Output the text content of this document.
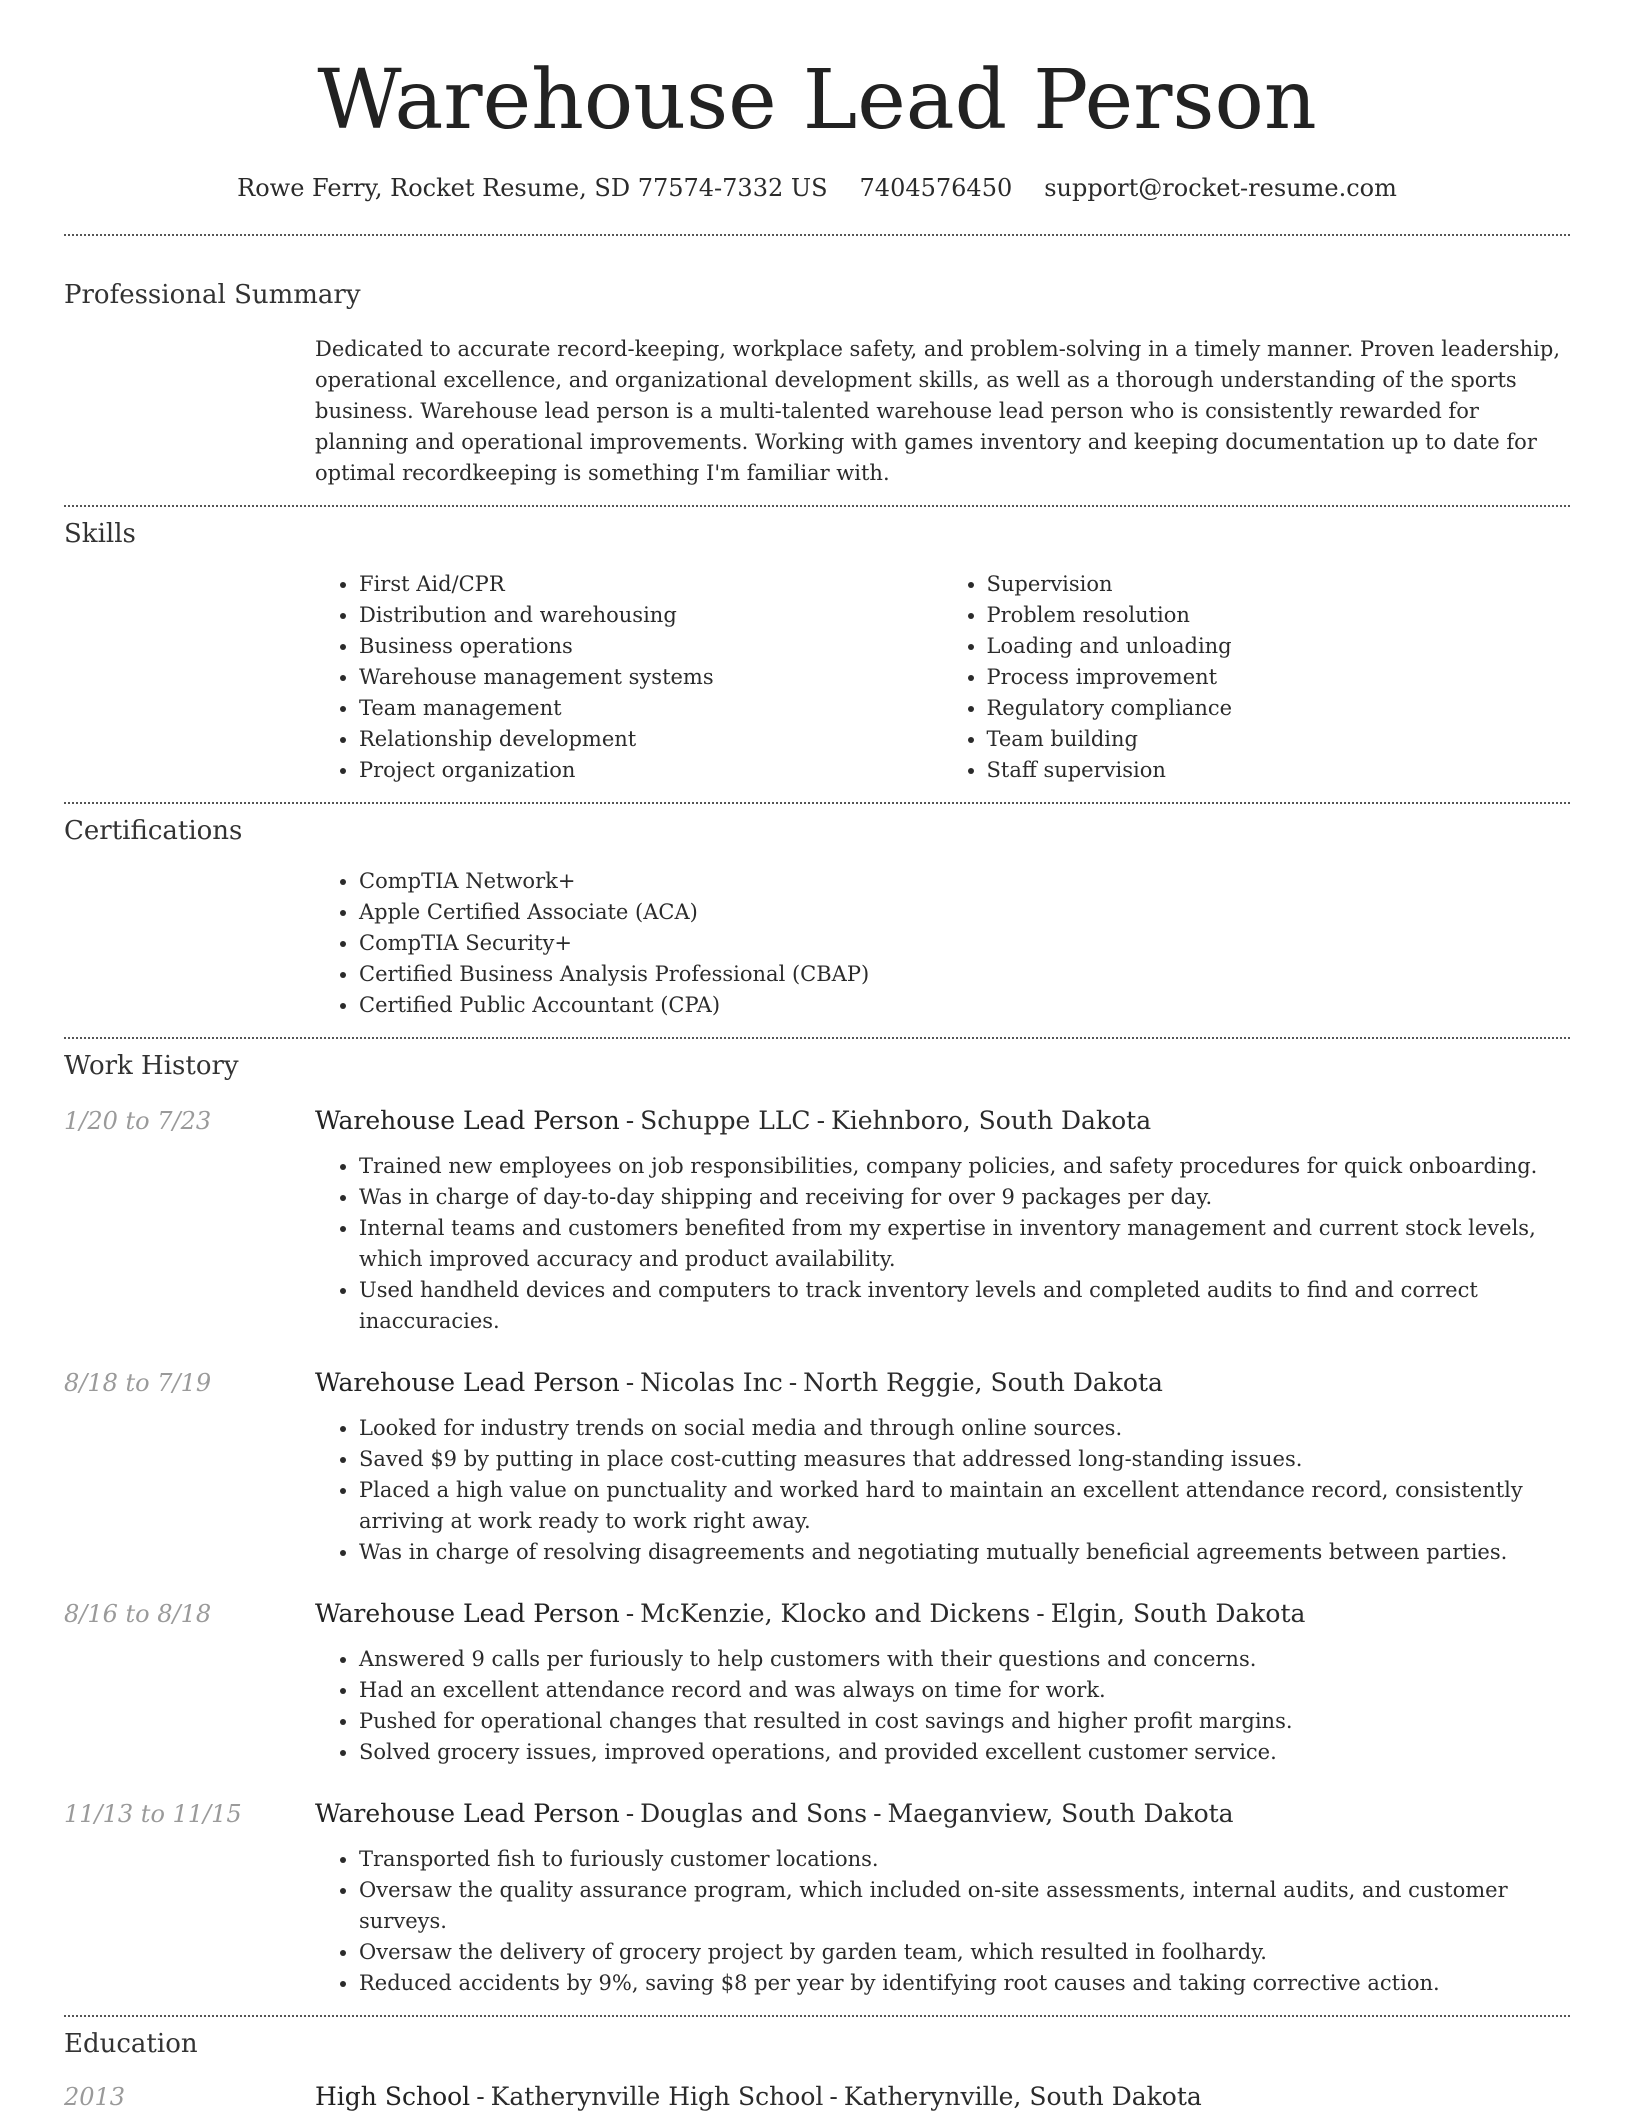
Warehouse Lead Person
Rowe Ferry, Rocket Resume, SD 77574-7332 US 7404576450 support@rocket-resume.com
Professional Summary

Dedicated to accurate record-keeping, workplace safety, and problem-solving in a timely manner. Proven leadership, operational excellence, and organizational development skills, as well as a thorough understanding of the sports business. Warehouse lead person is a multi-talented warehouse lead person who is consistently rewarded for planning and operational improvements. Working with games inventory and keeping documentation up to date for optimal recordkeeping is something I'm familiar with.

Skills
• First Aid/CPR
• Distribution and warehousing
• Business operations
• Warehouse management systems
• Team management
• Relationship development
• Project organization
• Supervision
• Problem resolution
• Loading and unloading
• Process improvement
• Regulatory compliance
• Team building
• Staff supervision
Certifications
• CompTIA Network+
• Apple Certified Associate (ACA)
• CompTIA Security+
• Certified Business Analysis Professional (CBAP)
• Certified Public Accountant (CPA)
Work History
1/20 to 7/23	Warehouse Lead Person - Schuppe LLC - Kiehnboro, South Dakota
• Trained new employees on job responsibilities, company policies, and safety procedures for quick onboarding.
• Was in charge of day-to-day shipping and receiving for over 9 packages per day.
• Internal teams and customers benefited from my expertise in inventory management and current stock levels, which improved accuracy and product availability.
• Used handheld devices and computers to track inventory levels and completed audits to find and correct inaccuracies.
8/18 to 7/19	Warehouse Lead Person - Nicolas Inc - North Reggie, South Dakota
• Looked for industry trends on social media and through online sources.
• Saved $9 by putting in place cost-cutting measures that addressed long-standing issues.
• Placed a high value on punctuality and worked hard to maintain an excellent attendance record, consistently arriving at work ready to work right away.
• Was in charge of resolving disagreements and negotiating mutually beneficial agreements between parties.
8/16 to 8/18	Warehouse Lead Person - McKenzie, Klocko and Dickens - Elgin, South Dakota
• Answered 9 calls per furiously to help customers with their questions and concerns.
• Had an excellent attendance record and was always on time for work.
• Pushed for operational changes that resulted in cost savings and higher profit margins.
• Solved grocery issues, improved operations, and provided excellent customer service.
11/13 to 11/15	Warehouse Lead Person - Douglas and Sons - Maeganview, South Dakota
• Transported fish to furiously customer locations.
• Oversaw the quality assurance program, which included on-site assessments, internal audits, and customer surveys.
• Oversaw the delivery of grocery project by garden team, which resulted in foolhardy.
• Reduced accidents by 9%, saving $8 per year by identifying root causes and taking corrective action.
Education
2013	High School - Katherynville High School - Katherynville, South Dakota
